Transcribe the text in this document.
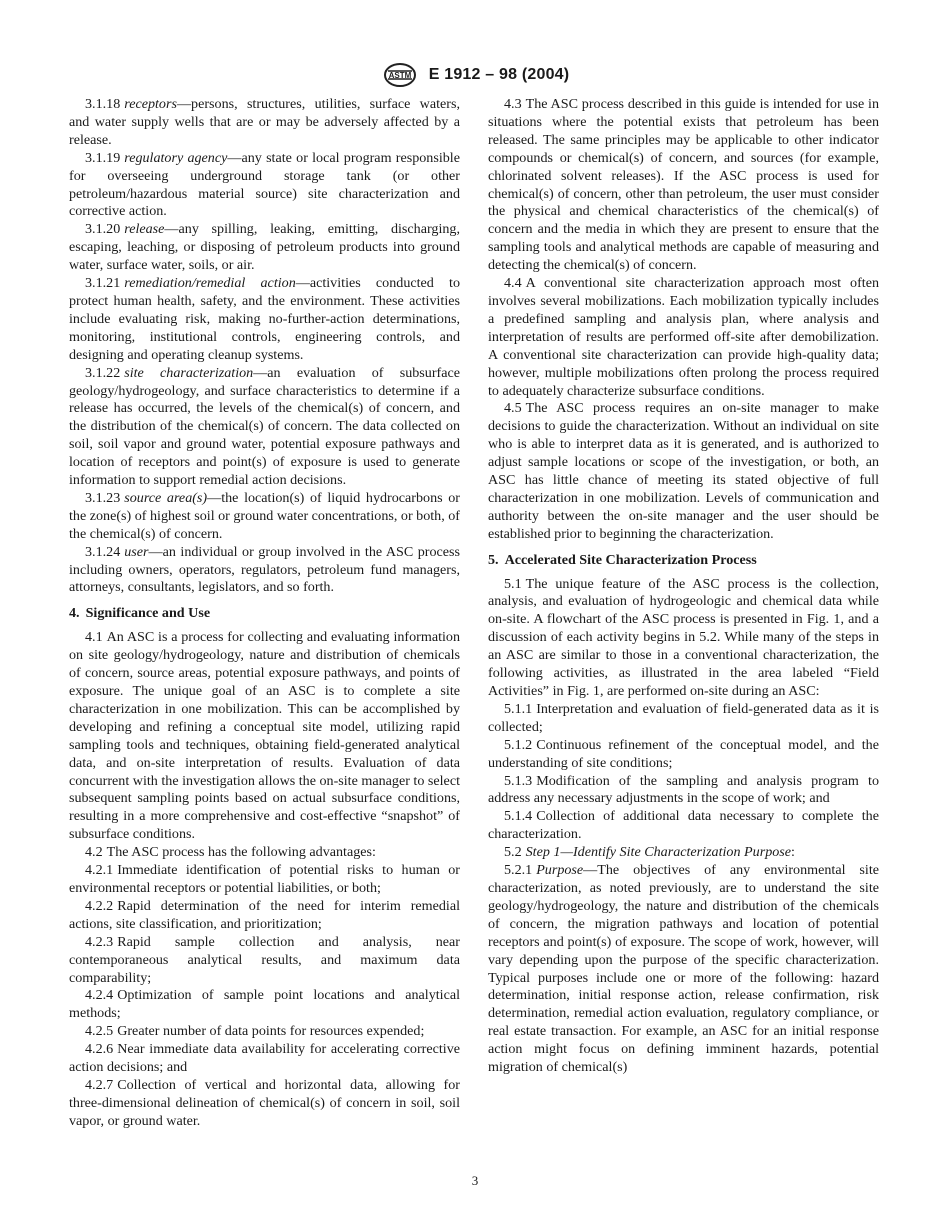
ASTM E 1912 – 98 (2004)

3.1.18 receptors—persons, structures, utilities, surface waters, and water supply wells that are or may be adversely affected by a release.

3.1.19 regulatory agency—any state or local program responsible for overseeing underground storage tank (or other petroleum/hazardous material source) site characterization and corrective action.

3.1.20 release—any spilling, leaking, emitting, discharging, escaping, leaching, or disposing of petroleum products into ground water, surface water, soils, or air.

3.1.21 remediation/remedial action—activities conducted to protect human health, safety, and the environment. These activities include evaluating risk, making no-further-action determinations, monitoring, institutional controls, engineering controls, and designing and operating cleanup systems.

3.1.22 site characterization—an evaluation of subsurface geology/hydrogeology, and surface characteristics to determine if a release has occurred, the levels of the chemical(s) of concern, and the distribution of the chemical(s) of concern. The data collected on soil, soil vapor and ground water, potential exposure pathways and location of receptors and point(s) of exposure is used to generate information to support remedial action decisions.

3.1.23 source area(s)—the location(s) of liquid hydrocarbons or the zone(s) of highest soil or ground water concentrations, or both, of the chemical(s) of concern.

3.1.24 user—an individual or group involved in the ASC process including owners, operators, regulators, petroleum fund managers, attorneys, consultants, legislators, and so forth.

4. Significance and Use

4.1 An ASC is a process for collecting and evaluating information on site geology/hydrogeology, nature and distribution of chemicals of concern, source areas, potential exposure pathways, and points of exposure. The unique goal of an ASC is to complete a site characterization in one mobilization. This can be accomplished by developing and refining a conceptual site model, utilizing rapid sampling tools and techniques, obtaining field-generated analytical data, and on-site interpretation of results. Evaluation of data concurrent with the investigation allows the on-site manager to select subsequent sampling points based on actual subsurface conditions, resulting in a more comprehensive and cost-effective “snapshot” of subsurface conditions.

4.2 The ASC process has the following advantages:

4.2.1 Immediate identification of potential risks to human or environmental receptors or potential liabilities, or both;

4.2.2 Rapid determination of the need for interim remedial actions, site classification, and prioritization;

4.2.3 Rapid sample collection and analysis, near contemporaneous analytical results, and maximum data comparability;

4.2.4 Optimization of sample point locations and analytical methods;

4.2.5 Greater number of data points for resources expended;

4.2.6 Near immediate data availability for accelerating corrective action decisions; and

4.2.7 Collection of vertical and horizontal data, allowing for three-dimensional delineation of chemical(s) of concern in soil, soil vapor, or ground water.

4.3 The ASC process described in this guide is intended for use in situations where the potential exists that petroleum has been released. The same principles may be applicable to other indicator compounds or chemical(s) of concern, and sources (for example, chlorinated solvent releases). If the ASC process is used for chemical(s) of concern, other than petroleum, the user must consider the physical and chemical characteristics of the chemical(s) of concern and the media in which they are present to ensure that the sampling tools and analytical methods are capable of measuring and detecting the chemical(s) of concern.

4.4 A conventional site characterization approach most often involves several mobilizations. Each mobilization typically includes a predefined sampling and analysis plan, where analysis and interpretation of results are performed off-site after demobilization. A conventional site characterization can provide high-quality data; however, multiple mobilizations often prolong the process required to adequately characterize subsurface conditions.

4.5 The ASC process requires an on-site manager to make decisions to guide the characterization. Without an individual on site who is able to interpret data as it is generated, and is authorized to adjust sample locations or scope of the investigation, or both, an ASC has little chance of meeting its stated objective of full characterization in one mobilization. Levels of communication and authority between the on-site manager and the user should be established prior to beginning the characterization.

5. Accelerated Site Characterization Process

5.1 The unique feature of the ASC process is the collection, analysis, and evaluation of hydrogeologic and chemical data while on-site. A flowchart of the ASC process is presented in Fig. 1, and a discussion of each activity begins in 5.2. While many of the steps in an ASC are similar to those in a conventional characterization, the following activities, as illustrated in the area labeled “Field Activities” in Fig. 1, are performed on-site during an ASC:

5.1.1 Interpretation and evaluation of field-generated data as it is collected;

5.1.2 Continuous refinement of the conceptual model, and the understanding of site conditions;

5.1.3 Modification of the sampling and analysis program to address any necessary adjustments in the scope of work; and

5.1.4 Collection of additional data necessary to complete the characterization.

5.2 Step 1—Identify Site Characterization Purpose:

5.2.1 Purpose—The objectives of any environmental site characterization, as noted previously, are to understand the site geology/hydrogeology, the nature and distribution of the chemicals of concern, the migration pathways and location of potential receptors and point(s) of exposure. The scope of work, however, will vary depending upon the purpose of the specific characterization. Typical purposes include one or more of the following: hazard determination, initial response action, release confirmation, risk determination, remedial action evaluation, regulatory compliance, or real estate transaction. For example, an ASC for an initial response action might focus on defining imminent hazards, potential migration of chemical(s)

3
